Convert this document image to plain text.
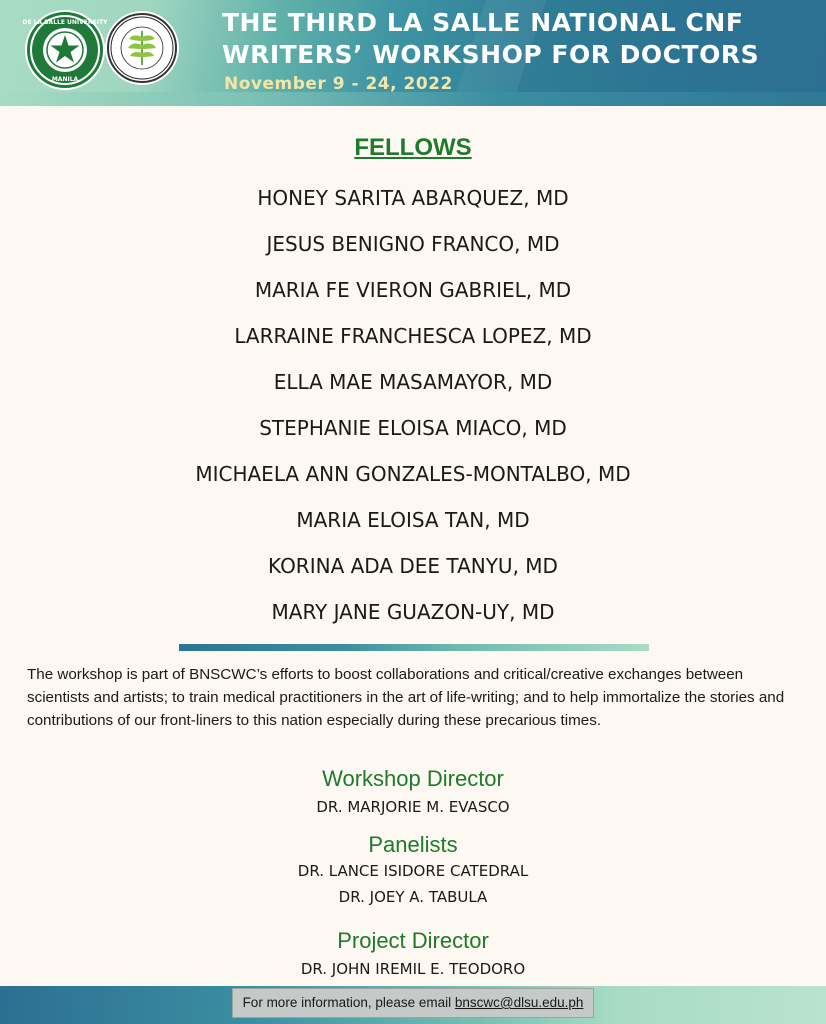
DE LA SALLE UNIVERSITY
MANILA
THE THIRD LA SALLE NATIONAL CNF
WRITERS’ WORKSHOP FOR DOCTORS
November 9 - 24, 2022
FELLOWS
HONEY SARITA ABARQUEZ, MD
JESUS BENIGNO FRANCO, MD
MARIA FE VIERON GABRIEL, MD
LARRAINE FRANCHESCA LOPEZ, MD
ELLA MAE MASAMAYOR, MD
STEPHANIE ELOISA MIACO, MD
MICHAELA ANN GONZALES-MONTALBO, MD
MARIA ELOISA TAN, MD
KORINA ADA DEE TANYU, MD
MARY JANE GUAZON-UY, MD
The workshop is part of BNSCWC’s efforts to boost collaborations and critical/creative exchanges between scientists and artists; to train medical practitioners in the art of life-writing; and to help immortalize the stories and contributions of our front-liners to this nation especially during these precarious times.
Workshop Director
DR. MARJORIE M. EVASCO
Panelists
DR. LANCE ISIDORE CATEDRAL
DR. JOEY A. TABULA
Project Director
DR. JOHN IREMIL E. TEODORO
For more information, please email bnscwc@dlsu.edu.ph
